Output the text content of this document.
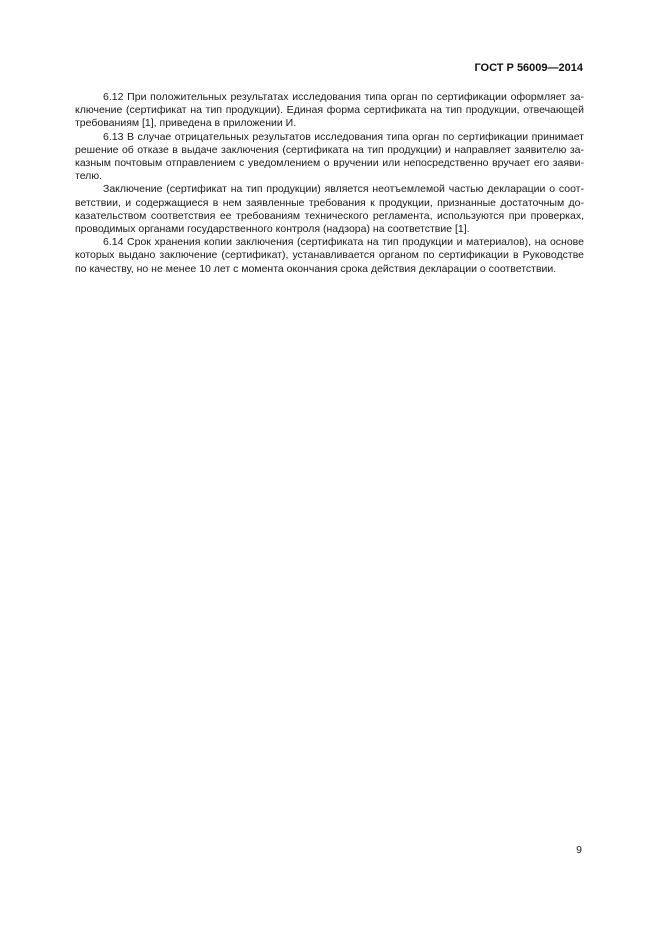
ГОСТ Р 56009—2014

6.12 При положительных результатах исследования типа орган по сертификации оформляет заключение (сертификат на тип продукции). Единая форма сертификата на тип продукции, отвечающей требованиям [1], приведена в приложении И.

6.13 В случае отрицательных результатов исследования типа орган по сертификации принимает решение об отказе в выдаче заключения (сертификата на тип продукции) и направляет заявителю заказным почтовым отправлением с уведомлением о вручении или непосредственно вручает его заявителю.

Заключение (сертификат на тип продукции) является неотъемлемой частью декларации о соответствии, и содержащиеся в нем заявленные требования к продукции, признанные достаточным доказательством соответствия ее требованиям технического регламента, используются при проверках, проводимых органами государственного контроля (надзора) на соответствие [1].

6.14 Срок хранения копии заключения (сертификата на тип продукции и материалов), на основе которых выдано заключение (сертификат), устанавливается органом по сертификации в Руководстве по качеству, но не менее 10 лет с момента окончания срока действия декларации о соответствии.

9
